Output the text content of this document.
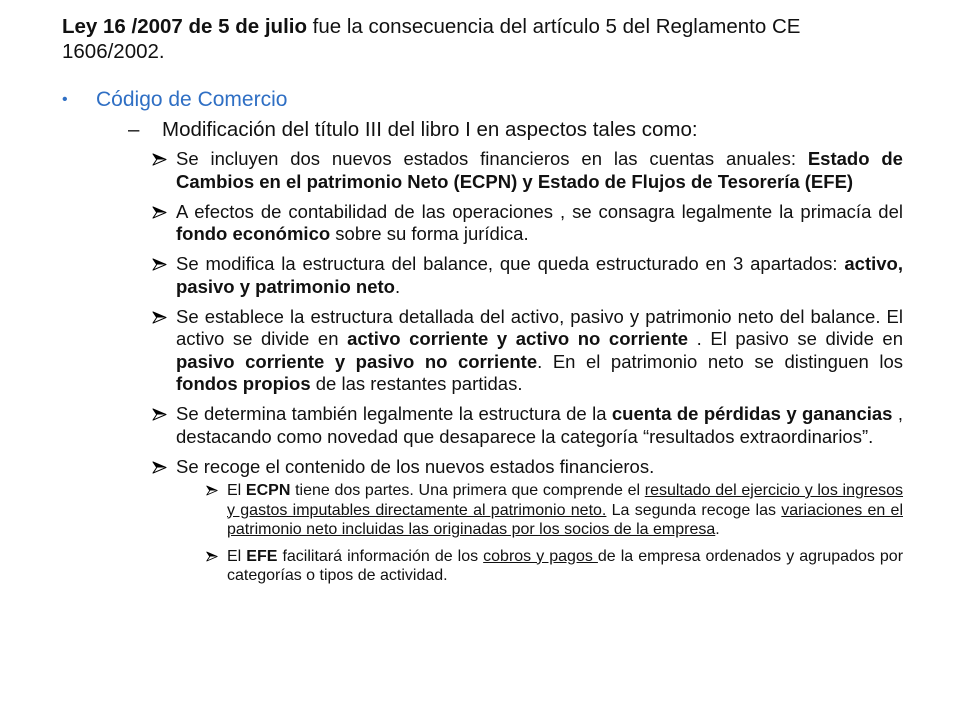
Ley 16 /2007 de 5 de julio fue la consecuencia del artículo 5 del Reglamento CE 1606/2002.
• Código de Comercio
– Modificación del título III del libro I en aspectos tales como:
Se incluyen dos nuevos estados financieros en las cuentas anuales: Estado de Cambios en el patrimonio Neto (ECPN) y Estado de Flujos de Tesorería (EFE)
A efectos de contabilidad de las operaciones , se consagra legalmente la primacía del fondo económico sobre su forma jurídica.
Se modifica la estructura del balance, que queda estructurado en 3 apartados: activo, pasivo y patrimonio neto.
Se establece la estructura detallada del activo, pasivo y patrimonio neto del balance. El activo se divide en activo corriente y activo no corriente . El pasivo se divide en pasivo corriente y pasivo no corriente. En el patrimonio neto se distinguen los fondos propios de las restantes partidas.
Se determina también legalmente la estructura de la cuenta de pérdidas y ganancias , destacando como novedad que desaparece la categoría “resultados extraordinarios”.
Se recoge el contenido de los nuevos estados financieros.
El ECPN tiene dos partes. Una primera que comprende el resultado del ejercicio y los ingresos y gastos imputables directamente al patrimonio neto. La segunda recoge las variaciones en el patrimonio neto incluidas las originadas por los socios de la empresa.
El EFE facilitará información de los cobros y pagos de la empresa ordenados y agrupados por categorías o tipos de actividad.
